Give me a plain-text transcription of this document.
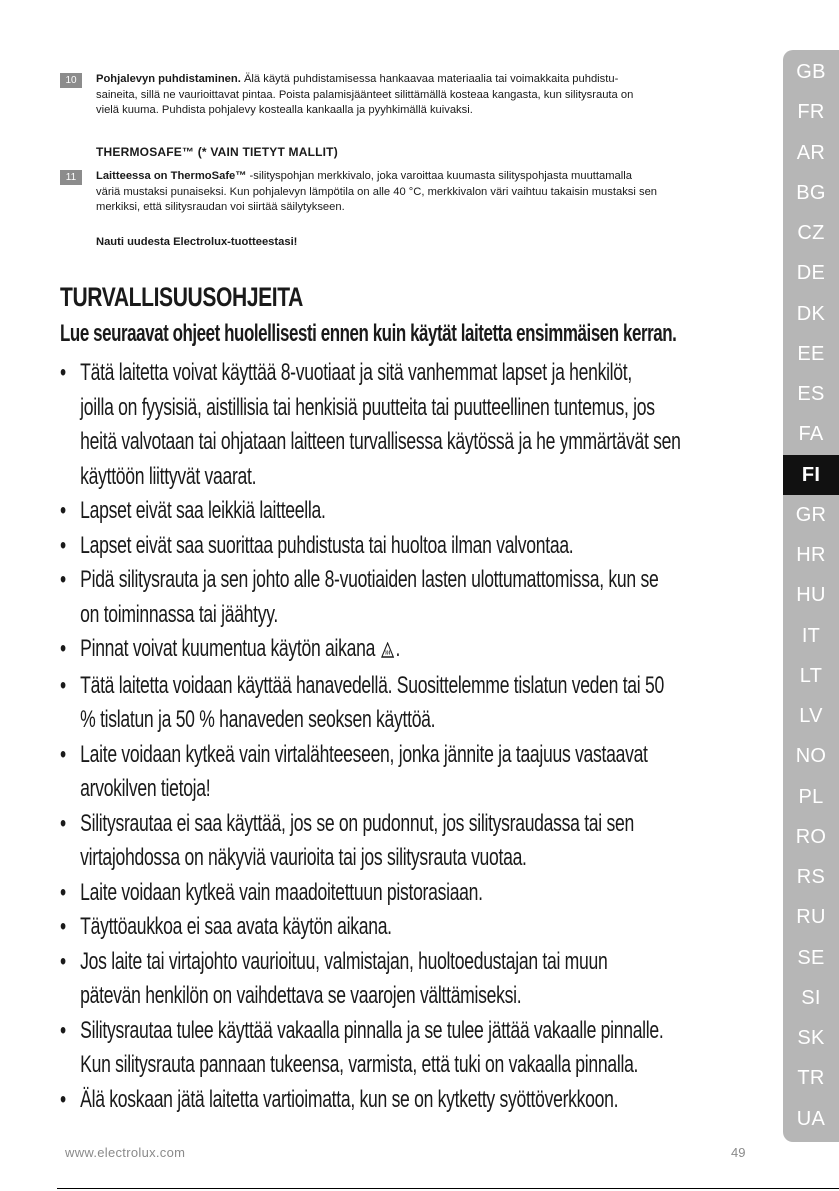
10	Pohjalevyn puhdistaminen. Älä käytä puhdistamisessa hankaavaa materiaalia tai voimakkaita puhdistu-
saineita, sillä ne vaurioittavat pintaa. Poista palamisjäänteet silittämällä kosteaa kangasta, kun silitysrauta on
vielä kuuma. Puhdista pohjalevy kostealla kankaalla ja pyyhkimällä kuivaksi.
THERMOSAFE™ (* VAIN TIETYT MALLIT)
11	Laitteessa on ThermoSafe™ -silityspohjan merkkivalo, joka varoittaa kuumasta silityspohjasta muuttamalla
väriä mustaksi punaiseksi. Kun pohjalevyn lämpötila on alle 40 °C, merkkivalon väri vaihtuu takaisin mustaksi sen
merkiksi, että silitysraudan voi siirtää säilytykseen.
Nauti uudesta Electrolux-tuotteestasi!
TURVALLISUUSOHJEITA
Lue seuraavat ohjeet huolellisesti ennen kuin käytät laitetta ensimmäisen kerran.
• Tätä laitetta voivat käyttää 8-vuotiaat ja sitä vanhemmat lapset ja henkilöt,
joilla on fyysisiä, aistillisia tai henkisiä puutteita tai puutteellinen tuntemus, jos
heitä valvotaan tai ohjataan laitteen turvallisessa käytössä ja he ymmärtävät sen
käyttöön liittyvät vaarat.
• Lapset eivät saa leikkiä laitteella.
• Lapset eivät saa suorittaa puhdistusta tai huoltoa ilman valvontaa.
• Pidä silitysrauta ja sen johto alle 8-vuotiaiden lasten ulottumattomissa, kun se
on toiminnassa tai jäähtyy.
• Pinnat voivat kuumentua käytön aikana .
• Tätä laitetta voidaan käyttää hanavedellä. Suosittelemme tislatun veden tai 50
% tislatun ja 50 % hanaveden seoksen käyttöä.
• Laite voidaan kytkeä vain virtalähteeseen, jonka jännite ja taajuus vastaavat
arvokilven tietoja!
• Silitysrautaa ei saa käyttää, jos se on pudonnut, jos silitysraudassa tai sen
virtajohdossa on näkyviä vaurioita tai jos silitysrauta vuotaa.
• Laite voidaan kytkeä vain maadoitettuun pistorasiaan.
• Täyttöaukkoa ei saa avata käytön aikana.
• Jos laite tai virtajohto vaurioituu, valmistajan, huoltoedustajan tai muun
pätevän henkilön on vaihdettava se vaarojen välttämiseksi.
• Silitysrautaa tulee käyttää vakaalla pinnalla ja se tulee jättää vakaalle pinnalle.
Kun silitysrauta pannaan tukeensa, varmista, että tuki on vakaalla pinnalla.
• Älä koskaan jätä laitetta vartioimatta, kun se on kytketty syöttöverkkoon.
GB
FR
AR
BG
CZ
DE
DK
EE
ES
FA
FI
GR
HR
HU
IT
LT
LV
NO
PL
RO
RS
RU
SE
SI
SK
TR
UA
www.electrolux.com	49
